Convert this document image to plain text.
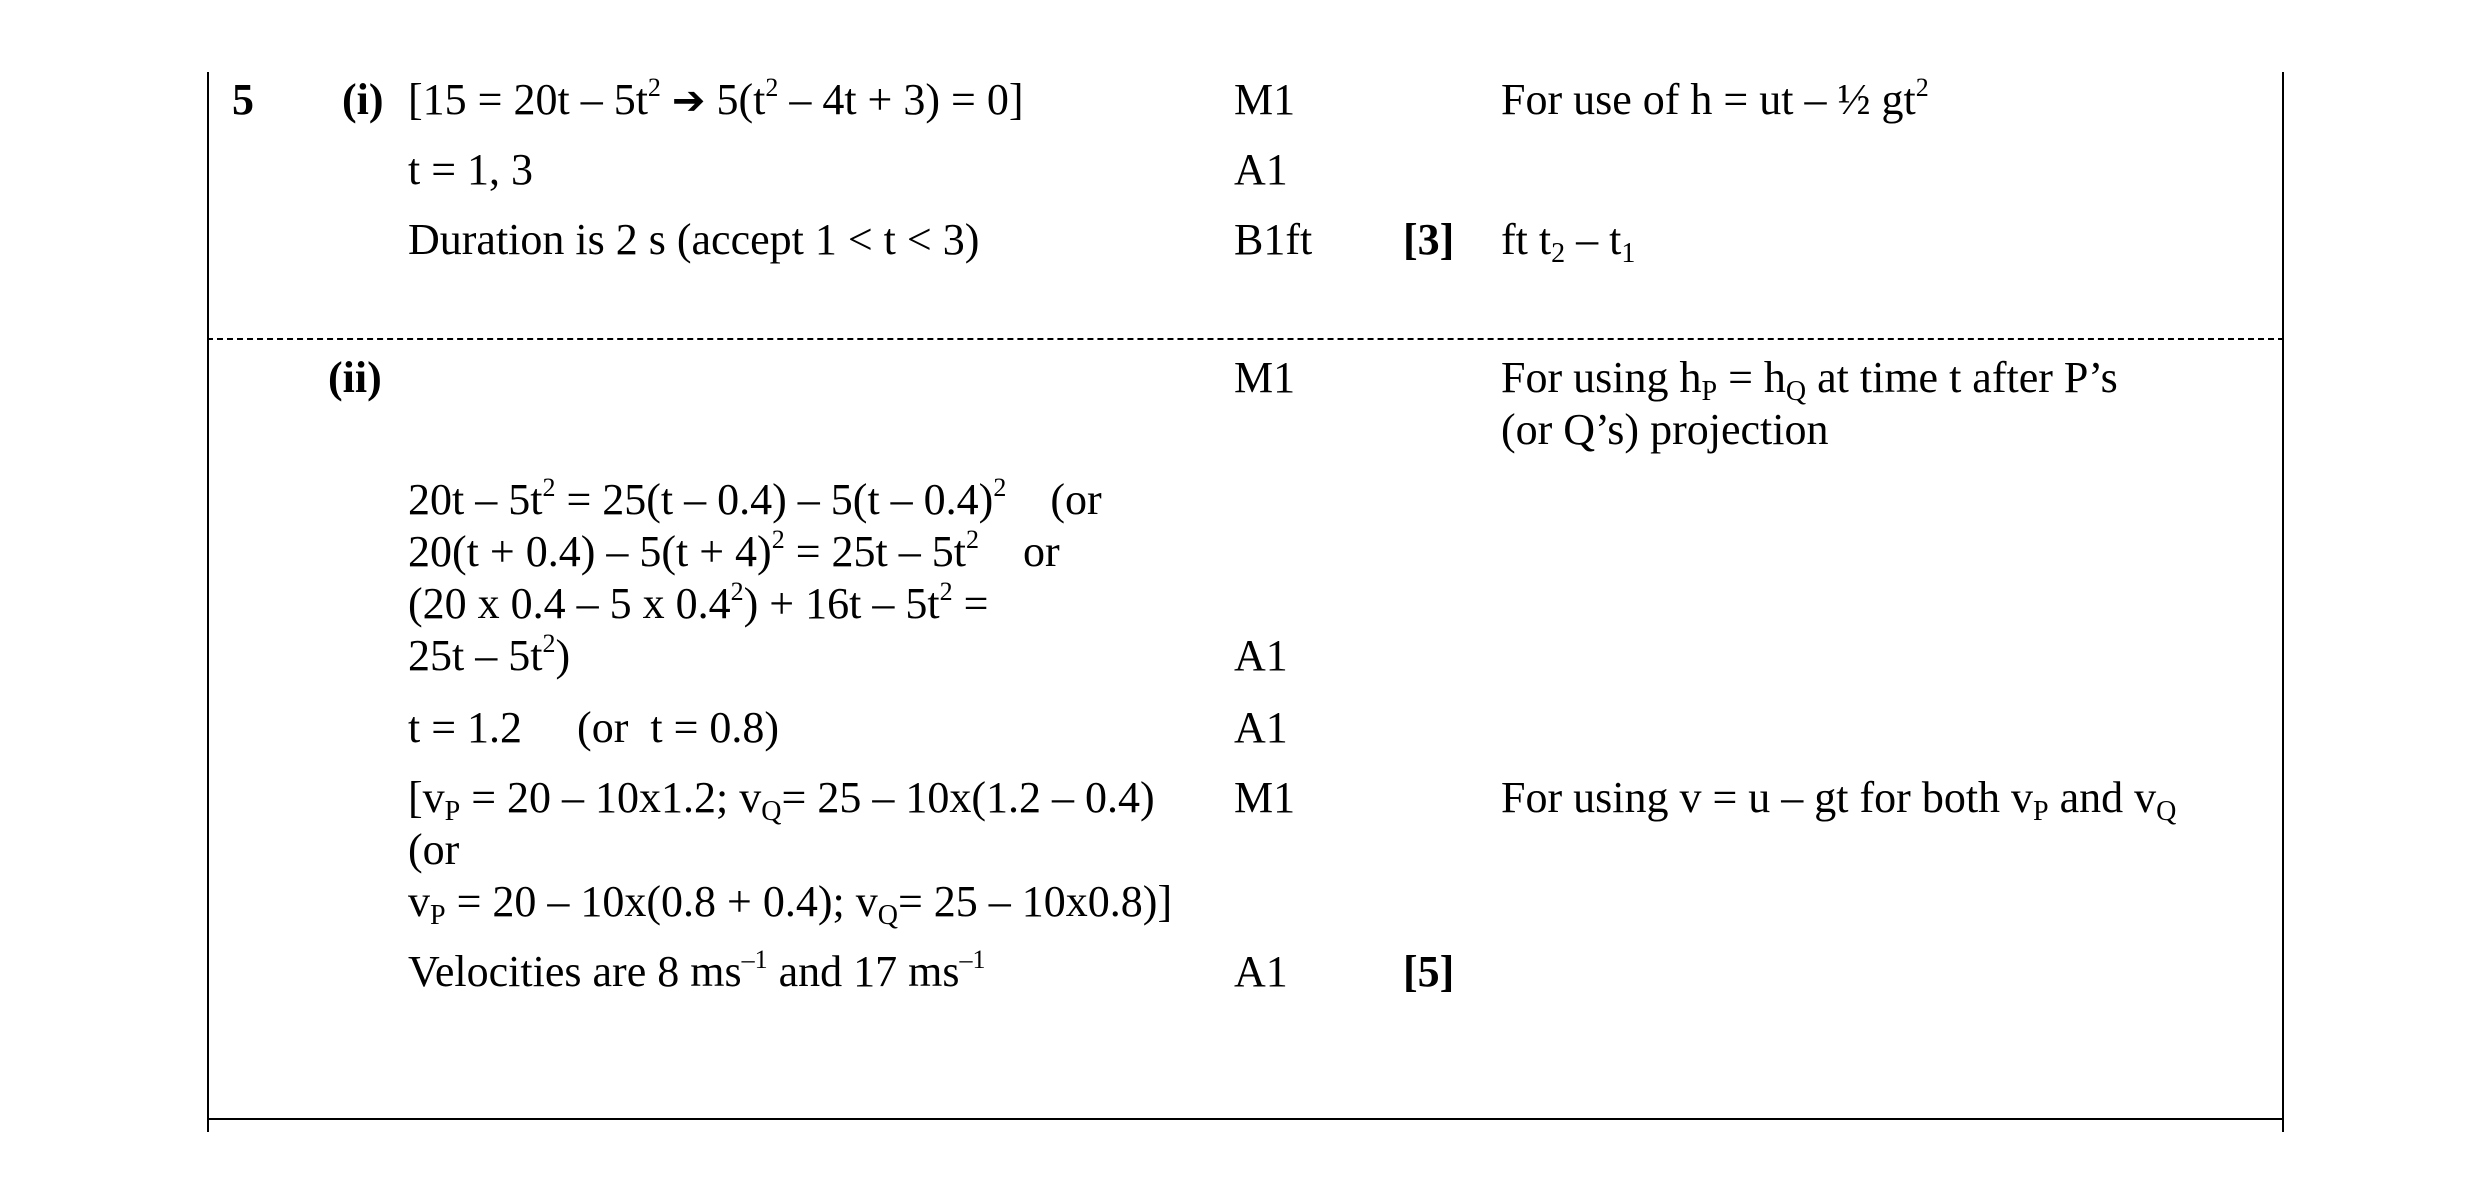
5 (i) [$15 = 20t - 5t^2$ ➔ $5(t^2 - 4t + 3) = 0$]	M1	For use of h = ut – ½ $gt^2$
t = 1, 3	A1
Duration is 2 s (accept 1 < t < 3)	B1ft [3] ft $t_2 - t_1$
(ii)	M1	For using $h_P = h_Q$ at time t after P’s
(or Q’s) projection
$20t - 5t^2 = 25(t - 0.4) - 5(t - 0.4)^2$    (or
$20(t + 0.4) - 5(t + 4)^2 = 25t - 5t^2$    or
(20 x 0.4 – 5 x $0.4^2) + 16t - 5t^2$ =
$25t - 5t^2$)	A1
t = 1.2     (or  t = 0.8)	A1
[$v_P = 20 - 10x1.2$; $v_Q= 25 - 10x(1.2 - 0.4)$ M1	For using v = u – gt for both $v_P$ and $v_Q$
(or
$v_P = 20 - 10x(0.8 + 0.4)$; $v_Q= 25 - 10x0.8$)]
Velocities are 8 $ms^{-1}$ and 17 $ms^{-1}$	A1	[5]
